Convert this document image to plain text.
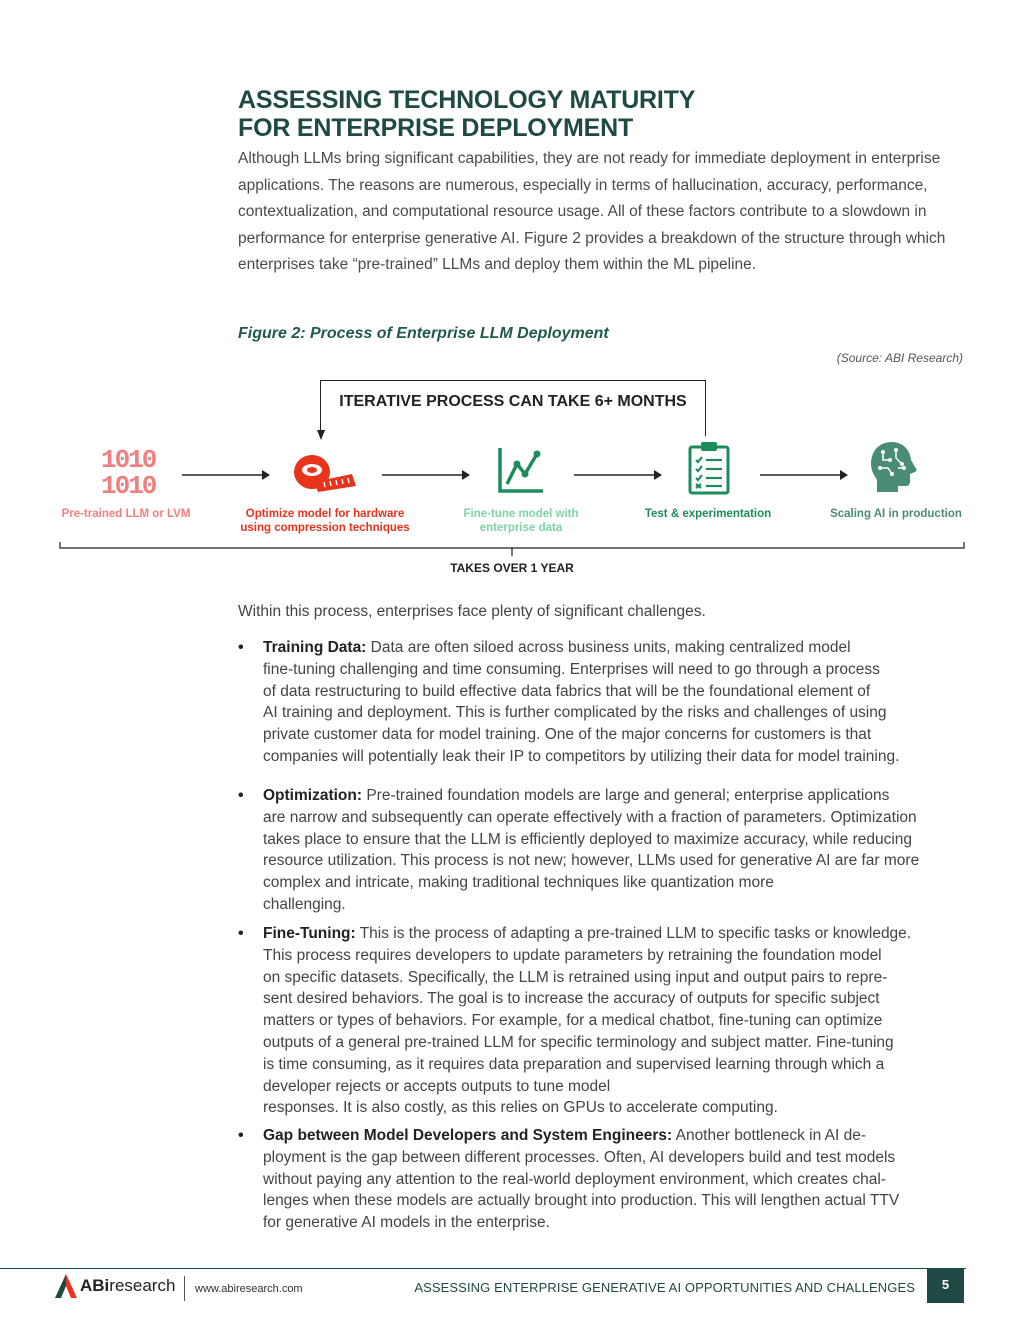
ASSESSING TECHNOLOGY MATURITY
FOR ENTERPRISE DEPLOYMENT
Although LLMs bring significant capabilities, they are not ready for immediate deployment in enterprise applications. The reasons are numerous, especially in terms of hallucination, accuracy, performance, contextualization, and computational resource usage. All of these factors contribute to a slowdown in performance for enterprise generative AI. Figure 2 provides a breakdown of the structure through which enterprises take “pre-trained” LLMs and deploy them within the ML pipeline.
Figure 2: Process of Enterprise LLM Deployment
(Source: ABI Research)
ITERATIVE PROCESS CAN TAKE 6+ MONTHS
1010
1010
Pre-trained LLM or LVM	Optimize model for hardware
using compression techniques
Fine-tune model with
enterprise data
Test & experimentation	Scaling AI in production
TAKES OVER 1 YEAR
Within this process, enterprises face plenty of significant challenges.
• Training Data: Data are often siloed across business units, making centralized model
fine-tuning challenging and time consuming. Enterprises will need to go through a process
of data restructuring to build effective data fabrics that will be the foundational element of
AI training and deployment. This is further complicated by the risks and challenges of using
private customer data for model training. One of the major concerns for customers is that
companies will potentially leak their IP to competitors by utilizing their data for model training.
• Optimization: Pre-trained foundation models are large and general; enterprise applications
are narrow and subsequently can operate effectively with a fraction of parameters. Optimization
takes place to ensure that the LLM is efficiently deployed to maximize accuracy, while reducing
resource utilization. This process is not new; however, LLMs used for generative AI are far more
complex and intricate, making traditional techniques like quantization more
challenging.
• Fine-Tuning: This is the process of adapting a pre-trained LLM to specific tasks or knowledge.
This process requires developers to update parameters by retraining the foundation model
on specific datasets. Specifically, the LLM is retrained using input and output pairs to repre-
sent desired behaviors. The goal is to increase the accuracy of outputs for specific subject
matters or types of behaviors. For example, for a medical chatbot, fine-tuning can optimize
outputs of a general pre-trained LLM for specific terminology and subject matter. Fine-tuning
is time consuming, as it requires data preparation and supervised learning through which a
developer rejects or accepts outputs to tune model
responses. It is also costly, as this relies on GPUs to accelerate computing.
• Gap between Model Developers and System Engineers: Another bottleneck in AI de-
ployment is the gap between different processes. Often, AI developers build and test models
without paying any attention to the real-world deployment environment, which creates chal-
lenges when these models are actually brought into production. This will lengthen actual TTV
for generative AI models in the enterprise.
ABiresearch www.abiresearch.com	ASSESSING ENTERPRISE GENERATIVE AI OPPORTUNITIES AND CHALLENGES	5
